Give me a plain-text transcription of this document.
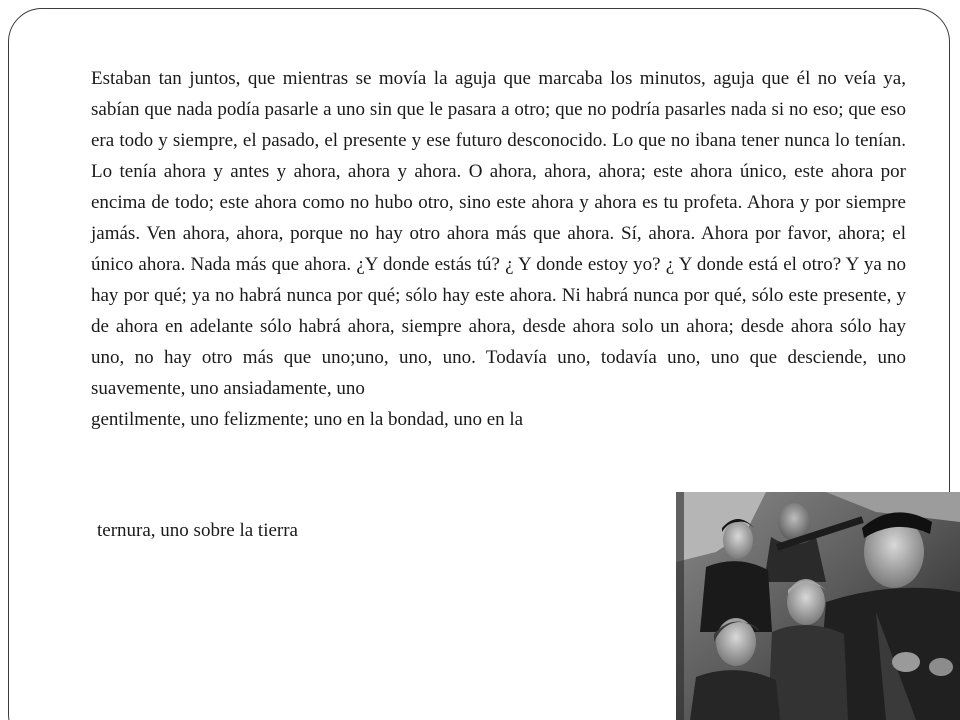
Estaban tan juntos, que mientras se movía la aguja que marcaba los minutos, aguja que él no veía ya, sabían que nada podía pasarle a uno sin que le pasara a otro; que no podría pasarles nada si no eso; que eso era todo y siempre, el pasado, el presente y ese futuro desconocido. Lo que no ibana tener nunca lo tenían. Lo tenía ahora y antes y ahora, ahora y ahora. O ahora, ahora, ahora; este ahora único, este ahora por encima de todo; este ahora como no hubo otro, sino este ahora y ahora es tu profeta. Ahora y por siempre jamás. Ven ahora, ahora, porque no hay otro ahora más que ahora. Sí, ahora. Ahora por favor, ahora; el único ahora. Nada más que ahora. ¿Y donde estás tú? ¿ Y donde estoy yo? ¿ Y donde está el otro? Y ya no hay por qué; ya no habrá nunca por qué; sólo hay este ahora. Ni habrá nunca por qué, sólo este presente, y de ahora en adelante sólo habrá ahora, siempre ahora, desde ahora solo un ahora; desde ahora sólo hay uno, no hay otro más que uno;uno, uno, uno. Todavía uno, todavía uno, uno que desciende, uno suavemente, uno ansiadamente, uno
gentilmente, uno felizmente; uno en la bondad, uno en la

ternura, uno sobre la tierra
